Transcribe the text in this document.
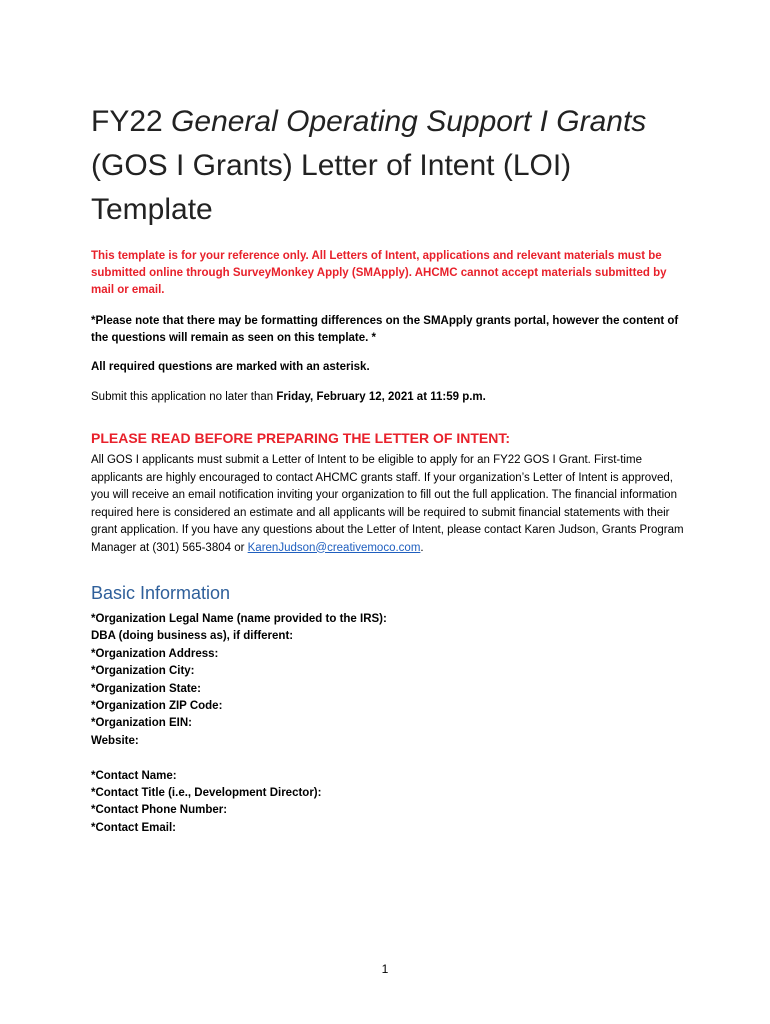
FY22 General Operating Support I Grants (GOS I Grants) Letter of Intent (LOI) Template

This template is for your reference only. All Letters of Intent, applications and relevant materials must be submitted online through SurveyMonkey Apply (SMApply). AHCMC cannot accept materials submitted by mail or email.

*Please note that there may be formatting differences on the SMApply grants portal, however the content of the questions will remain as seen on this template. *

All required questions are marked with an asterisk.

Submit this application no later than Friday, February 12, 2021 at 11:59 p.m.

PLEASE READ BEFORE PREPARING THE LETTER OF INTENT:

All GOS I applicants must submit a Letter of Intent to be eligible to apply for an FY22 GOS I Grant. First-time applicants are highly encouraged to contact AHCMC grants staff. If your organization’s Letter of Intent is approved, you will receive an email notification inviting your organization to fill out the full application. The financial information required here is considered an estimate and all applicants will be required to submit financial statements with their grant application. If you have any questions about the Letter of Intent, please contact Karen Judson, Grants Program Manager at (301) 565-3804 or KarenJudson@creativemoco.com.

Basic Information
*Organization Legal Name (name provided to the IRS):
DBA (doing business as), if different:
*Organization Address:
*Organization City:
*Organization State:
*Organization ZIP Code:
*Organization EIN:
Website:
*Contact Name:
*Contact Title (i.e., Development Director):
*Contact Phone Number:
*Contact Email:
1
